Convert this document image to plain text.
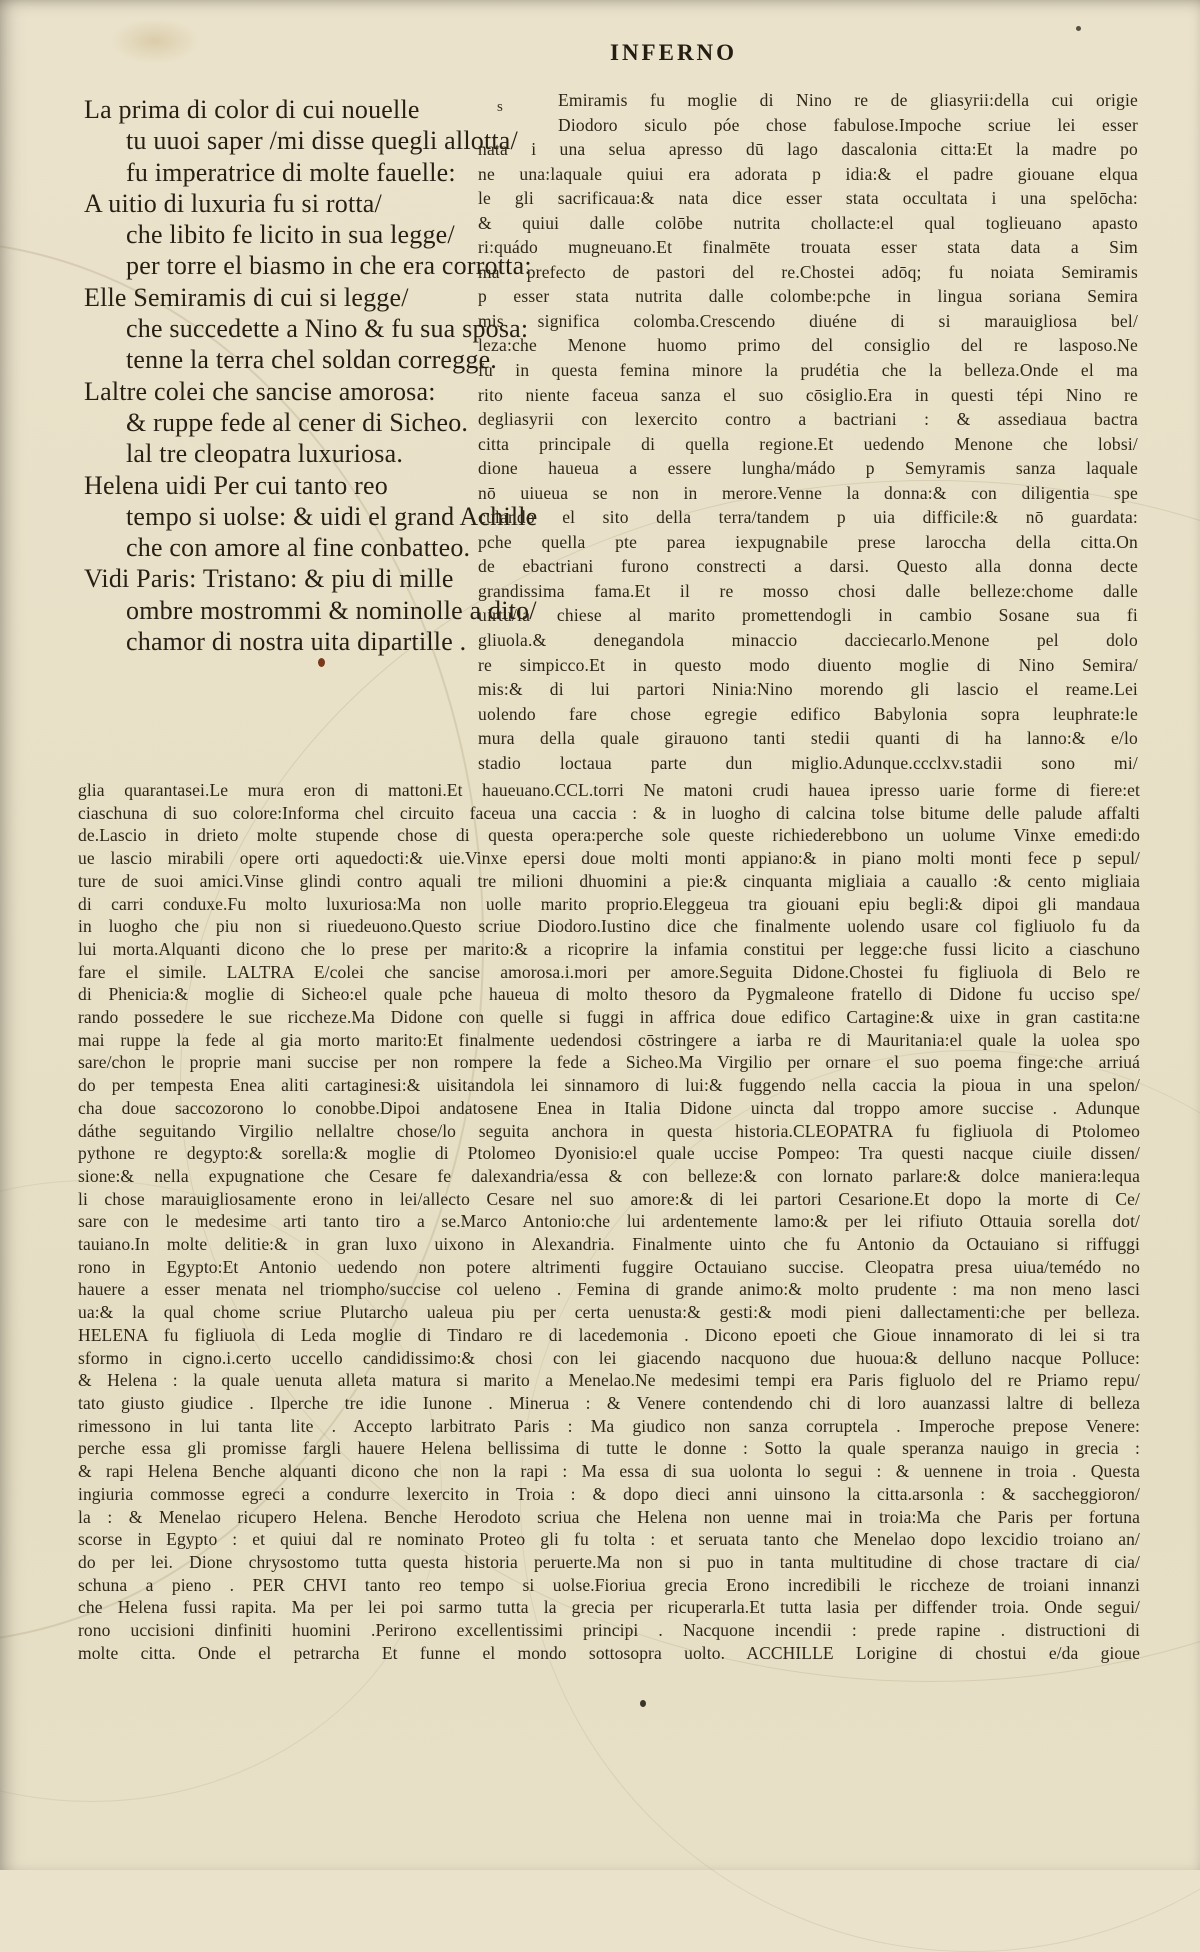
INFERNO
La prima di color di cui nouelle
tu uuoi saper /mi disse quegli allotta/
fu imperatrice di molte fauelle:
A uitio di luxuria fu si rotta/
che libito fe licito in sua legge/
per torre el biasmo in che era corrotta:
Elle Semiramis di cui si legge/
che succedette a Nino & fu sua sposa:
tenne la terra chel soldan corregge.
Laltre colei che sancise amorosa:
& ruppe fede al cener di Sicheo.
lal tre cleopatra luxuriosa.
Helena uidi Per cui tanto reo
tempo si uolse: & uidi el grand Achille
che con amore al fine conbatteo.
Vidi Paris: Tristano: & piu di mille
ombre mostrommi & nominolle a dito/
chamor di nostra uita dipartille .
s	Emiramis fu moglie di Nino re de gliasyrii:della cui origie
Diodoro siculo póe chose fabulose.Impoche scriue lei esser
nata i una selua apresso dū lago dascalonia citta:Et la madre po
ne una:laquale quiui era adorata p idia:& el padre giouane elqua
le gli sacrificaua:& nata dice esser stata occultata i una spelōcha:
& quiui dalle colōbe nutrita chollacte:el qual toglieuano apasto
ri:quádo mugneuano.Et finalmēte trouata esser stata data a Sim
ma prefecto de pastori del re.Chostei adōq; fu noiata Semiramis
p esser stata nutrita dalle colombe:pche in lingua soriana Semira
mis significa colomba.Crescendo diuéne di si marauigliosa bel/
leza:che Menone huomo primo del consiglio del re lasposo.Ne
fu in questa femina minore la prudétia che la belleza.Onde el ma
rito niente faceua sanza el suo cōsiglio.Era in questi tépi Nino re
degliasyrii con lexercito contro a bactriani : & assediaua bactra
citta principale di quella regione.Et uedendo Menone che lobsi/
dione haueua a essere lungha/mádo p Semyramis sanza laquale
nō uiueua se non in merore.Venne la donna:& con diligentia spe
culando el sito della terra/tandem p uia difficile:& nō guardata:
pche quella pte parea iexpugnabile prese laroccha della citta.On
de ebactriani furono constrecti a darsi. Questo alla donna decte
grandissima fama.Et il re mosso chosi dalle belleze:chome dalle
uirtu/la chiese al marito promettendogli in cambio Sosane sua fi
gliuola.& denegandola minaccio dacciecarlo.Menone pel dolo
re simpicco.Et in questo modo diuento moglie di Nino Semira/
mis:& di lui partori Ninia:Nino morendo gli lascio el reame.Lei
uolendo fare chose egregie edifico Babylonia sopra leuphrate:le
mura della quale girauono tanti stedii quanti di ha lanno:& e/lo
stadio loctaua parte dun miglio.Adunque.ccclxv.stadii sono mi/
glia quarantasei.Le mura eron di mattoni.Et haueuano.CCL.torri Ne matoni crudi hauea ipresso uarie forme di fiere:et
ciaschuna di suo colore:Informa chel circuito faceua una caccia : & in luogho di calcina tolse bitume delle palude affalti
de.Lascio in drieto molte stupende chose di questa opera:perche sole queste richiederebbono un uolume Vinxe emedi:do
ue lascio mirabili opere orti aquedocti:& uie.Vinxe epersi doue molti monti appiano:& in piano molti monti fece p sepul/
ture de suoi amici.Vinse glindi contro aquali tre milioni dhuomini a pie:& cinquanta migliaia a cauallo :& cento migliaia
di carri conduxe.Fu molto luxuriosa:Ma non uolle marito proprio.Eleggeua tra giouani epiu begli:& dipoi gli mandaua
in luogho che piu non si riuedeuono.Questo scriue Diodoro.Iustino dice che finalmente uolendo usare col figliuolo fu da
lui morta.Alquanti dicono che lo prese per marito:& a ricoprire la infamia constitui per legge:che fussi licito a ciaschuno
fare el simile. LALTRA E/colei che sancise amorosa.i.mori per amore.Seguita Didone.Chostei fu figliuola di Belo re
di Phenicia:& moglie di Sicheo:el quale pche haueua di molto thesoro da Pygmaleone fratello di Didone fu ucciso spe/
rando possedere le sue riccheze.Ma Didone con quelle si fuggi in affrica doue edifico Cartagine:& uixe in gran castita:ne
mai ruppe la fede al gia morto marito:Et finalmente uedendosi cōstringere a iarba re di Mauritania:el quale la uolea spo
sare/chon le proprie mani succise per non rompere la fede a Sicheo.Ma Virgilio per ornare el suo poema finge:che arriuá
do per tempesta Enea aliti cartaginesi:& uisitandola lei sinnamoro di lui:& fuggendo nella caccia la pioua in una spelon/
cha doue saccozorono lo conobbe.Dipoi andatosene Enea in Italia Didone uincta dal troppo amore succise . Adunque
dáthe seguitando Virgilio nellaltre chose/lo seguita anchora in questa historia.CLEOPATRA fu figliuola di Ptolomeo
pythone re degypto:& sorella:& moglie di Ptolomeo Dyonisio:el quale uccise Pompeo: Tra questi nacque ciuile dissen/
sione:& nella expugnatione che Cesare fe dalexandria/essa & con belleze:& con lornato parlare:& dolce maniera:lequa
li chose marauigliosamente erono in lei/allecto Cesare nel suo amore:& di lei partori Cesarione.Et dopo la morte di Ce/
sare con le medesime arti tanto tiro a se.Marco Antonio:che lui ardentemente lamo:& per lei rifiuto Ottauia sorella dot/
tauiano.In molte delitie:& in gran luxo uixono in Alexandria. Finalmente uinto che fu Antonio da Octauiano si riffuggi
rono in Egypto:Et Antonio uedendo non potere altrimenti fuggire Octauiano succise. Cleopatra presa uiua/temédo no
hauere a esser menata nel triompho/succise col ueleno . Femina di grande animo:& molto prudente : ma non meno lasci
ua:& la qual chome scriue Plutarcho ualeua piu per certa uenusta:& gesti:& modi pieni dallectamenti:che per belleza.
HELENA fu figliuola di Leda moglie di Tindaro re di lacedemonia . Dicono epoeti che Gioue innamorato di lei si tra
sformo in cigno.i.certo uccello candidissimo:& chosi con lei giacendo nacquono due huoua:& delluno nacque Polluce:
& Helena : la quale uenuta alleta matura si marito a Menelao.Ne medesimi tempi era Paris figluolo del re Priamo repu/
tato giusto giudice . Ilperche tre idie Iunone . Minerua : & Venere contendendo chi di loro auanzassi laltre di belleza
rimessono in lui tanta lite . Accepto larbitrato Paris : Ma giudico non sanza corruptela . Imperoche prepose Venere:
perche essa gli promisse fargli hauere Helena bellissima di tutte le donne : Sotto la quale speranza nauigo in grecia :
& rapi Helena Benche alquanti dicono che non la rapi : Ma essa di sua uolonta lo segui : & uennene in troia . Questa
ingiuria commosse egreci a condurre lexercito in Troia : & dopo dieci anni uinsono la citta.arsonla : & saccheggioron/
la : & Menelao ricupero Helena. Benche Herodoto scriua che Helena non uenne mai in troia:Ma che Paris per fortuna
scorse in Egypto : et quiui dal re nominato Proteo gli fu tolta : et seruata tanto che Menelao dopo lexcidio troiano an/
do per lei. Dione chrysostomo tutta questa historia peruerte.Ma non si puo in tanta multitudine di chose tractare di cia/
schuna a pieno . PER CHVI tanto reo tempo si uolse.Fioriua grecia Erono incredibili le riccheze de troiani innanzi
che Helena fussi rapita. Ma per lei poi sarmo tutta la grecia per ricuperarla.Et tutta lasia per diffender troia. Onde segui/
rono uccisioni dinfiniti huomini .Perirono excellentissimi principi . Nacquone incendii : prede rapine . distructioni di
molte citta. Onde el petrarcha Et funne el mondo sottosopra uolto. ACCHILLE Lorigine di chostui e/da gioue
